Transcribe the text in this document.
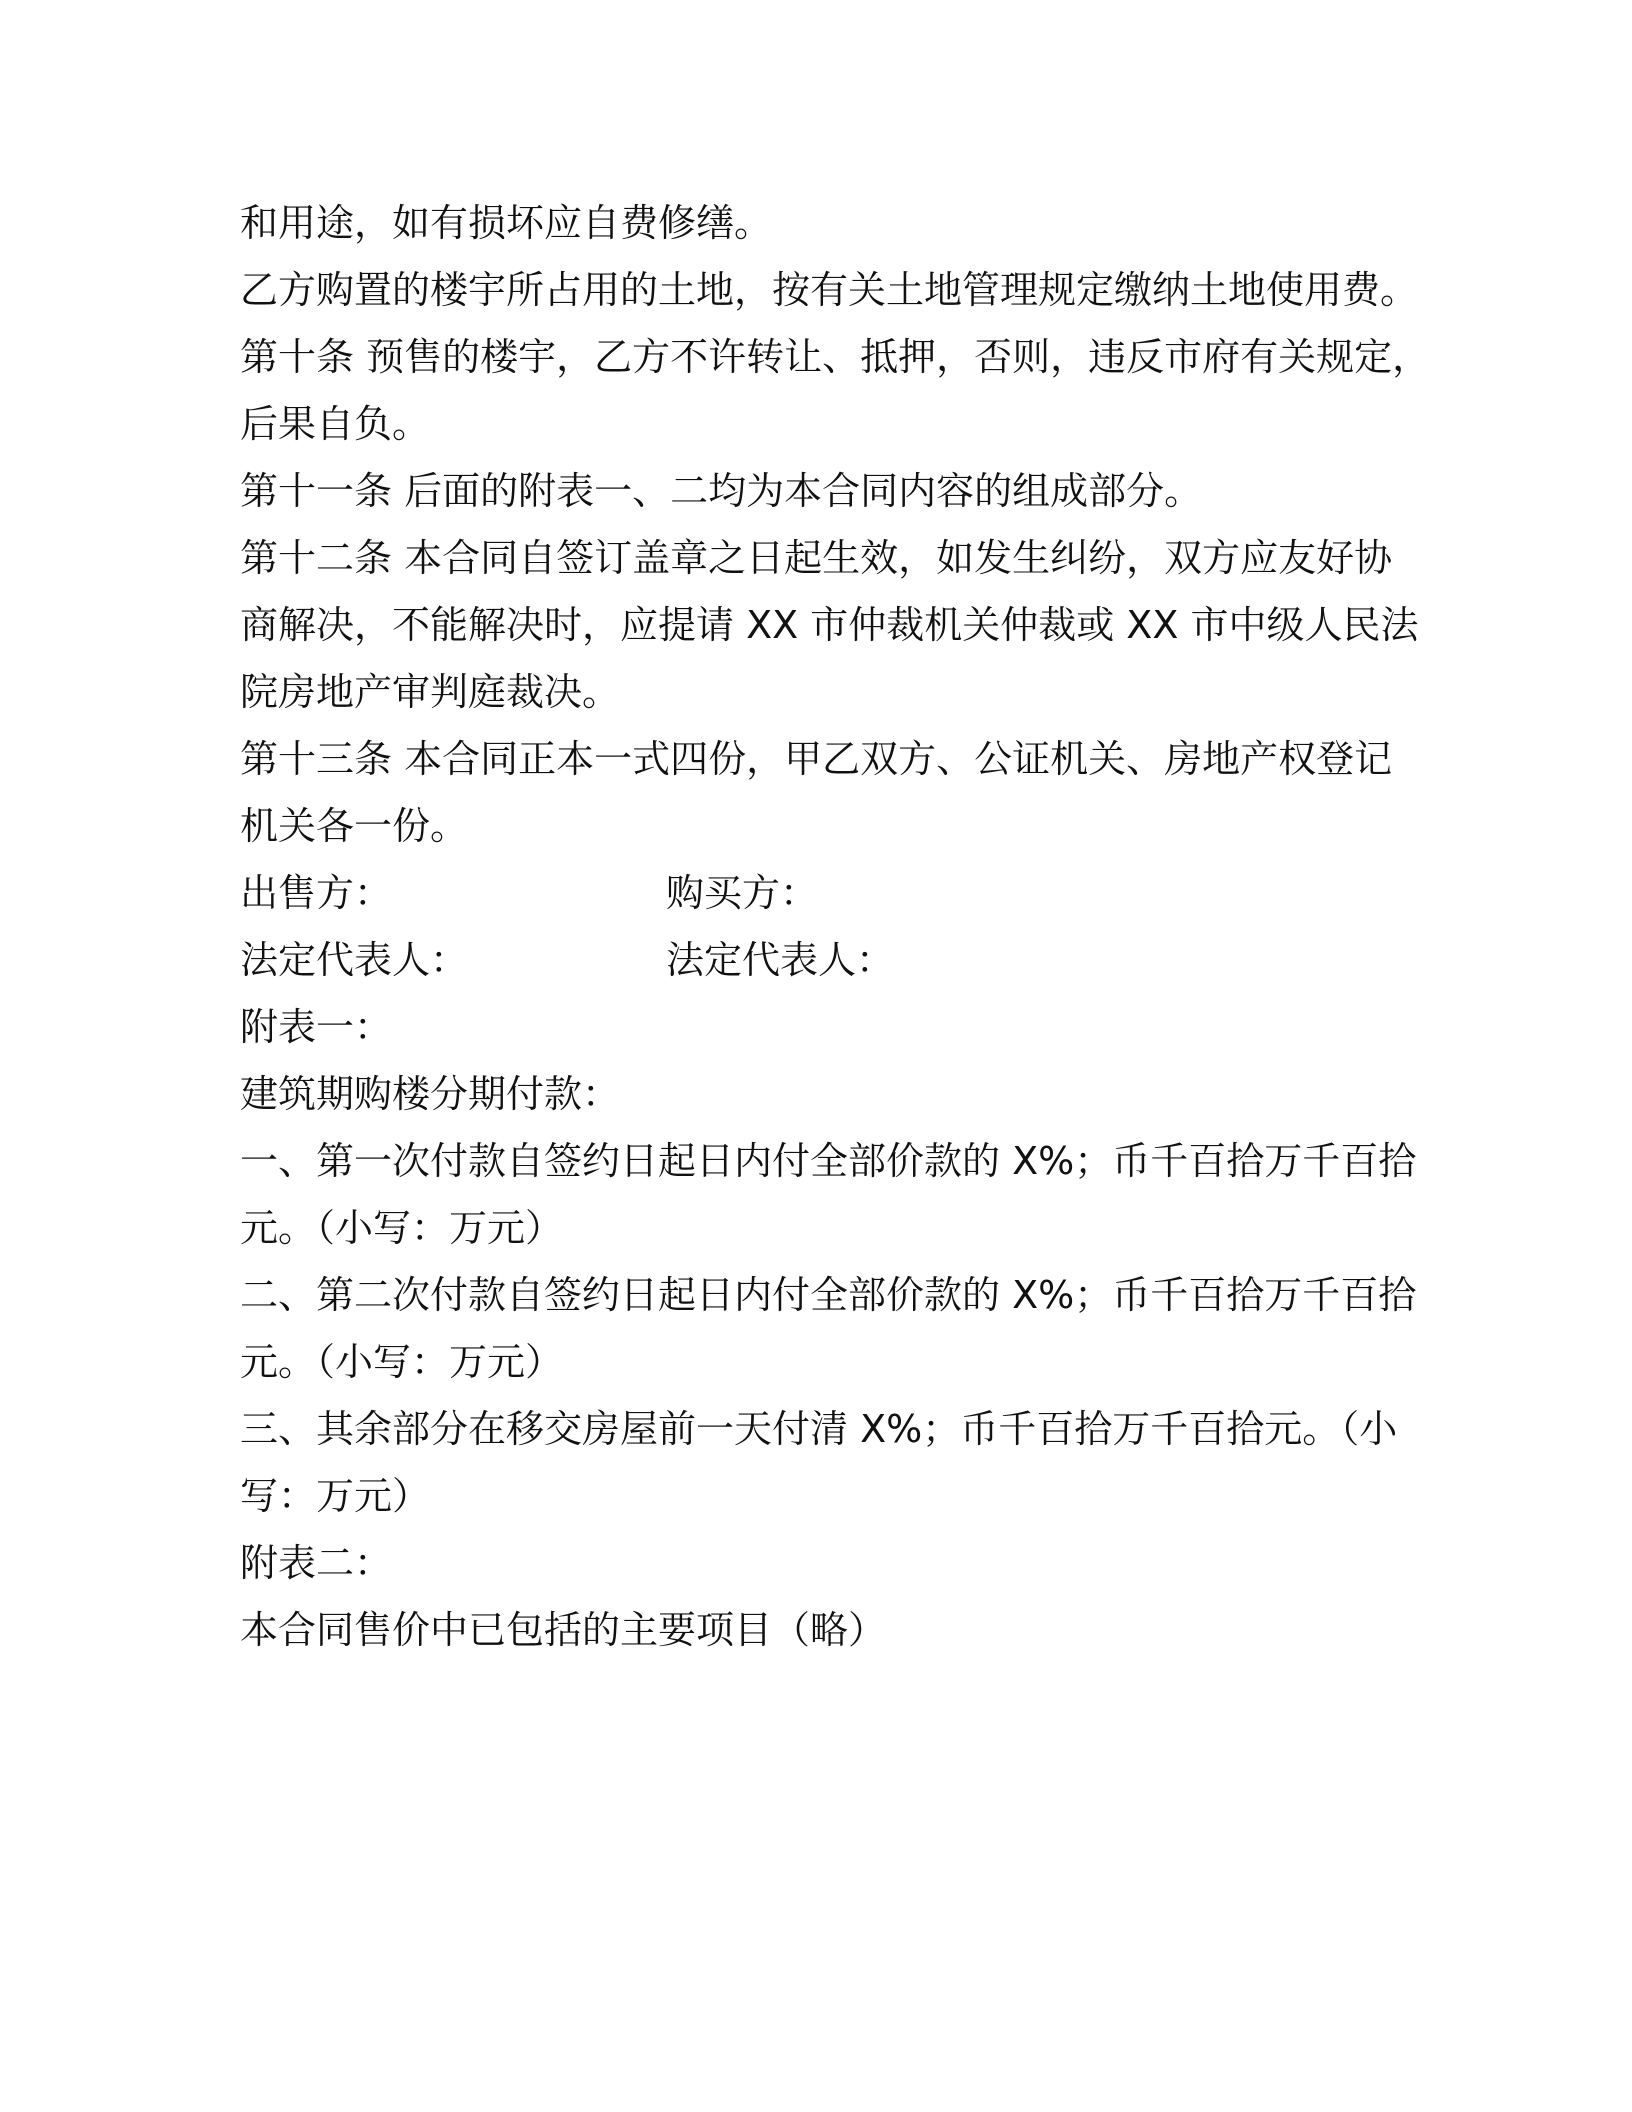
和用途，如有损坏应自费修缮。
乙方购置的楼宇所占用的土地，按有关土地管理规定缴纳土地使用费。
第十条 预售的楼宇，乙方不许转让、抵押，否则，违反市府有关规定，
后果自负。
第十一条 后面的附表一、二均为本合同内容的组成部分。
第十二条 本合同自签订盖章之日起生效，如发生纠纷，双方应友好协
商解决，不能解决时，应提请 XX 市仲裁机关仲裁或 XX 市中级人民法
院房地产审判庭裁决。
第十三条 本合同正本一式四份，甲乙双方、公证机关、房地产权登记
机关各一份。
出售方：	购买方：
法定代表人：	法定代表人：
附表一：
建筑期购楼分期付款：
一、第一次付款自签约日起日内付全部价款的 X%；币千百拾万千百拾
元。（小写：万元）
二、第二次付款自签约日起日内付全部价款的 X%；币千百拾万千百拾
元。（小写：万元）
三、其余部分在移交房屋前一天付清 X%；币千百拾万千百拾元。（小
写：万元）
附表二：
本合同售价中已包括的主要项目（略）
